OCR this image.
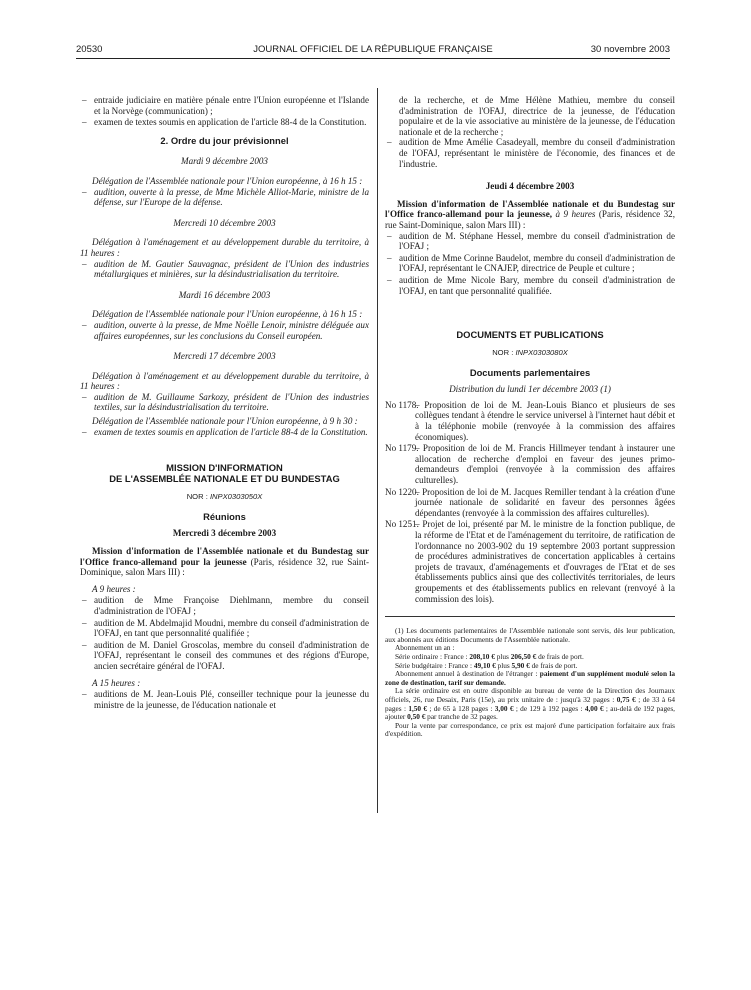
20530	JOURNAL OFFICIEL DE LA RÉPUBLIQUE FRANÇAISE	30 novembre 2003
– entraide judiciaire en matière pénale entre l'Union européenne et l'Islande et la Norvège (communication) ;
– examen de textes soumis en application de l'article 88-4 de la Constitution.
2. Ordre du jour prévisionnel
Mardi 9 décembre 2003
Délégation de l'Assemblée nationale pour l'Union européenne, à 16 h 15 :
– audition, ouverte à la presse, de Mme Michèle Alliot-Marie, ministre de la défense, sur l'Europe de la défense.
Mercredi 10 décembre 2003
Délégation à l'aménagement et au développement durable du territoire, à 11 heures :
– audition de M. Gautier Sauvagnac, président de l'Union des industries métallurgiques et minières, sur la désindustrialisation du territoire.
Mardi 16 décembre 2003
Délégation de l'Assemblée nationale pour l'Union européenne, à 16 h 15 :
– audition, ouverte à la presse, de Mme Noëlle Lenoir, ministre déléguée aux affaires européennes, sur les conclusions du Conseil européen.
Mercredi 17 décembre 2003
Délégation à l'aménagement et au développement durable du territoire, à 11 heures :
– audition de M. Guillaume Sarkozy, président de l'Union des industries textiles, sur la désindustrialisation du territoire.
Délégation de l'Assemblée nationale pour l'Union européenne, à 9 h 30 :
– examen de textes soumis en application de l'article 88-4 de la Constitution.
MISSION D'INFORMATION
DE L'ASSEMBLÉE NATIONALE ET DU BUNDESTAG
NOR : INPX0303050X
Réunions
Mercredi 3 décembre 2003
Mission d'information de l'Assemblée nationale et du Bundestag sur l'Office franco-allemand pour la jeunesse (Paris, résidence 32, rue Saint-Dominique, salon Mars III) :
A 9 heures :
– audition de Mme Françoise Diehlmann, membre du conseil d'administration de l'OFAJ ;
– audition de M. Abdelmajid Moudni, membre du conseil d'administration de l'OFAJ, en tant que personnalité qualifiée ;
– audition de M. Daniel Groscolas, membre du conseil d'administration de l'OFAJ, représentant le conseil des communes et des régions d'Europe, ancien secrétaire général de l'OFAJ.
A 15 heures :
– auditions de M. Jean-Louis Plé, conseiller technique pour la jeunesse du ministre de la jeunesse, de l'éducation nationale et
de la recherche, et de Mme Hélène Mathieu, membre du conseil d'administration de l'OFAJ, directrice de la jeunesse, de l'éducation populaire et de la vie associative au ministère de la jeunesse, de l'éducation nationale et de la recherche ;
– audition de Mme Amélie Casadeyall, membre du conseil d'administration de l'OFAJ, représentant le ministère de l'économie, des finances et de l'industrie.
Jeudi 4 décembre 2003
Mission d'information de l'Assemblée nationale et du Bundestag sur l'Office franco-allemand pour la jeunesse, à 9 heures (Paris, résidence 32, rue Saint-Dominique, salon Mars III) :
– audition de M. Stéphane Hessel, membre du conseil d'administration de l'OFAJ ;
– audition de Mme Corinne Baudelot, membre du conseil d'administration de l'OFAJ, représentant le CNAJEP, directrice de Peuple et culture ;
– audition de Mme Nicole Bary, membre du conseil d'administration de l'OFAJ, en tant que personnalité qualifiée.
DOCUMENTS ET PUBLICATIONS
NOR : INPX0303080X
Documents parlementaires
Distribution du lundi 1er décembre 2003 (1)
No 1178.
– Proposition de loi de M. Jean-Louis Bianco et plusieurs de ses collègues tendant à étendre le service universel à l'internet haut débit et à la téléphonie mobile (renvoyée à la commission des affaires économiques).
No 1179.
– Proposition de loi de M. Francis Hillmeyer tendant à instaurer une allocation de recherche d'emploi en faveur des jeunes primo-demandeurs d'emploi (renvoyée à la commission des affaires culturelles).
No 1220.
– Proposition de loi de M. Jacques Remiller tendant à la création d'une journée nationale de solidarité en faveur des personnes âgées dépendantes (renvoyée à la commission des affaires culturelles).
No 1251.
– Projet de loi, présenté par M. le ministre de la fonction publique, de la réforme de l'Etat et de l'aménagement du territoire, de ratification de l'ordonnance no 2003-902 du 19 septembre 2003 portant suppression de procédures administratives de concertation applicables à certains projets de travaux, d'aménagements et d'ouvrages de l'Etat et de ses établissements publics ainsi que des collectivités territoriales, de leurs groupements et des établissements publics en relevant (renvoyé à la commission des lois).

(1) Les documents parlementaires de l'Assemblée nationale sont servis, dès leur publication, aux abonnés aux éditions Documents de l'Assemblée nationale.

Abonnement un an :

Série ordinaire : France : 208,10 € plus 206,50 € de frais de port.

Série budgétaire : France : 49,10 € plus 5,90 € de frais de port.

Abonnement annuel à destination de l'étranger : paiement d'un supplément modulé selon la zone de destination, tarif sur demande.

La série ordinaire est en outre disponible au bureau de vente de la Direction des Journaux officiels, 26, rue Desaix, Paris (15e), au prix unitaire de : jusqu'à 32 pages : 0,75 € ; de 33 à 64 pages : 1,50 € ; de 65 à 128 pages : 3,00 € ; de 129 à 192 pages : 4,00 € ; au-delà de 192 pages, ajouter 0,50 € par tranche de 32 pages.

Pour la vente par correspondance, ce prix est majoré d'une participation forfaitaire aux frais d'expédition.
